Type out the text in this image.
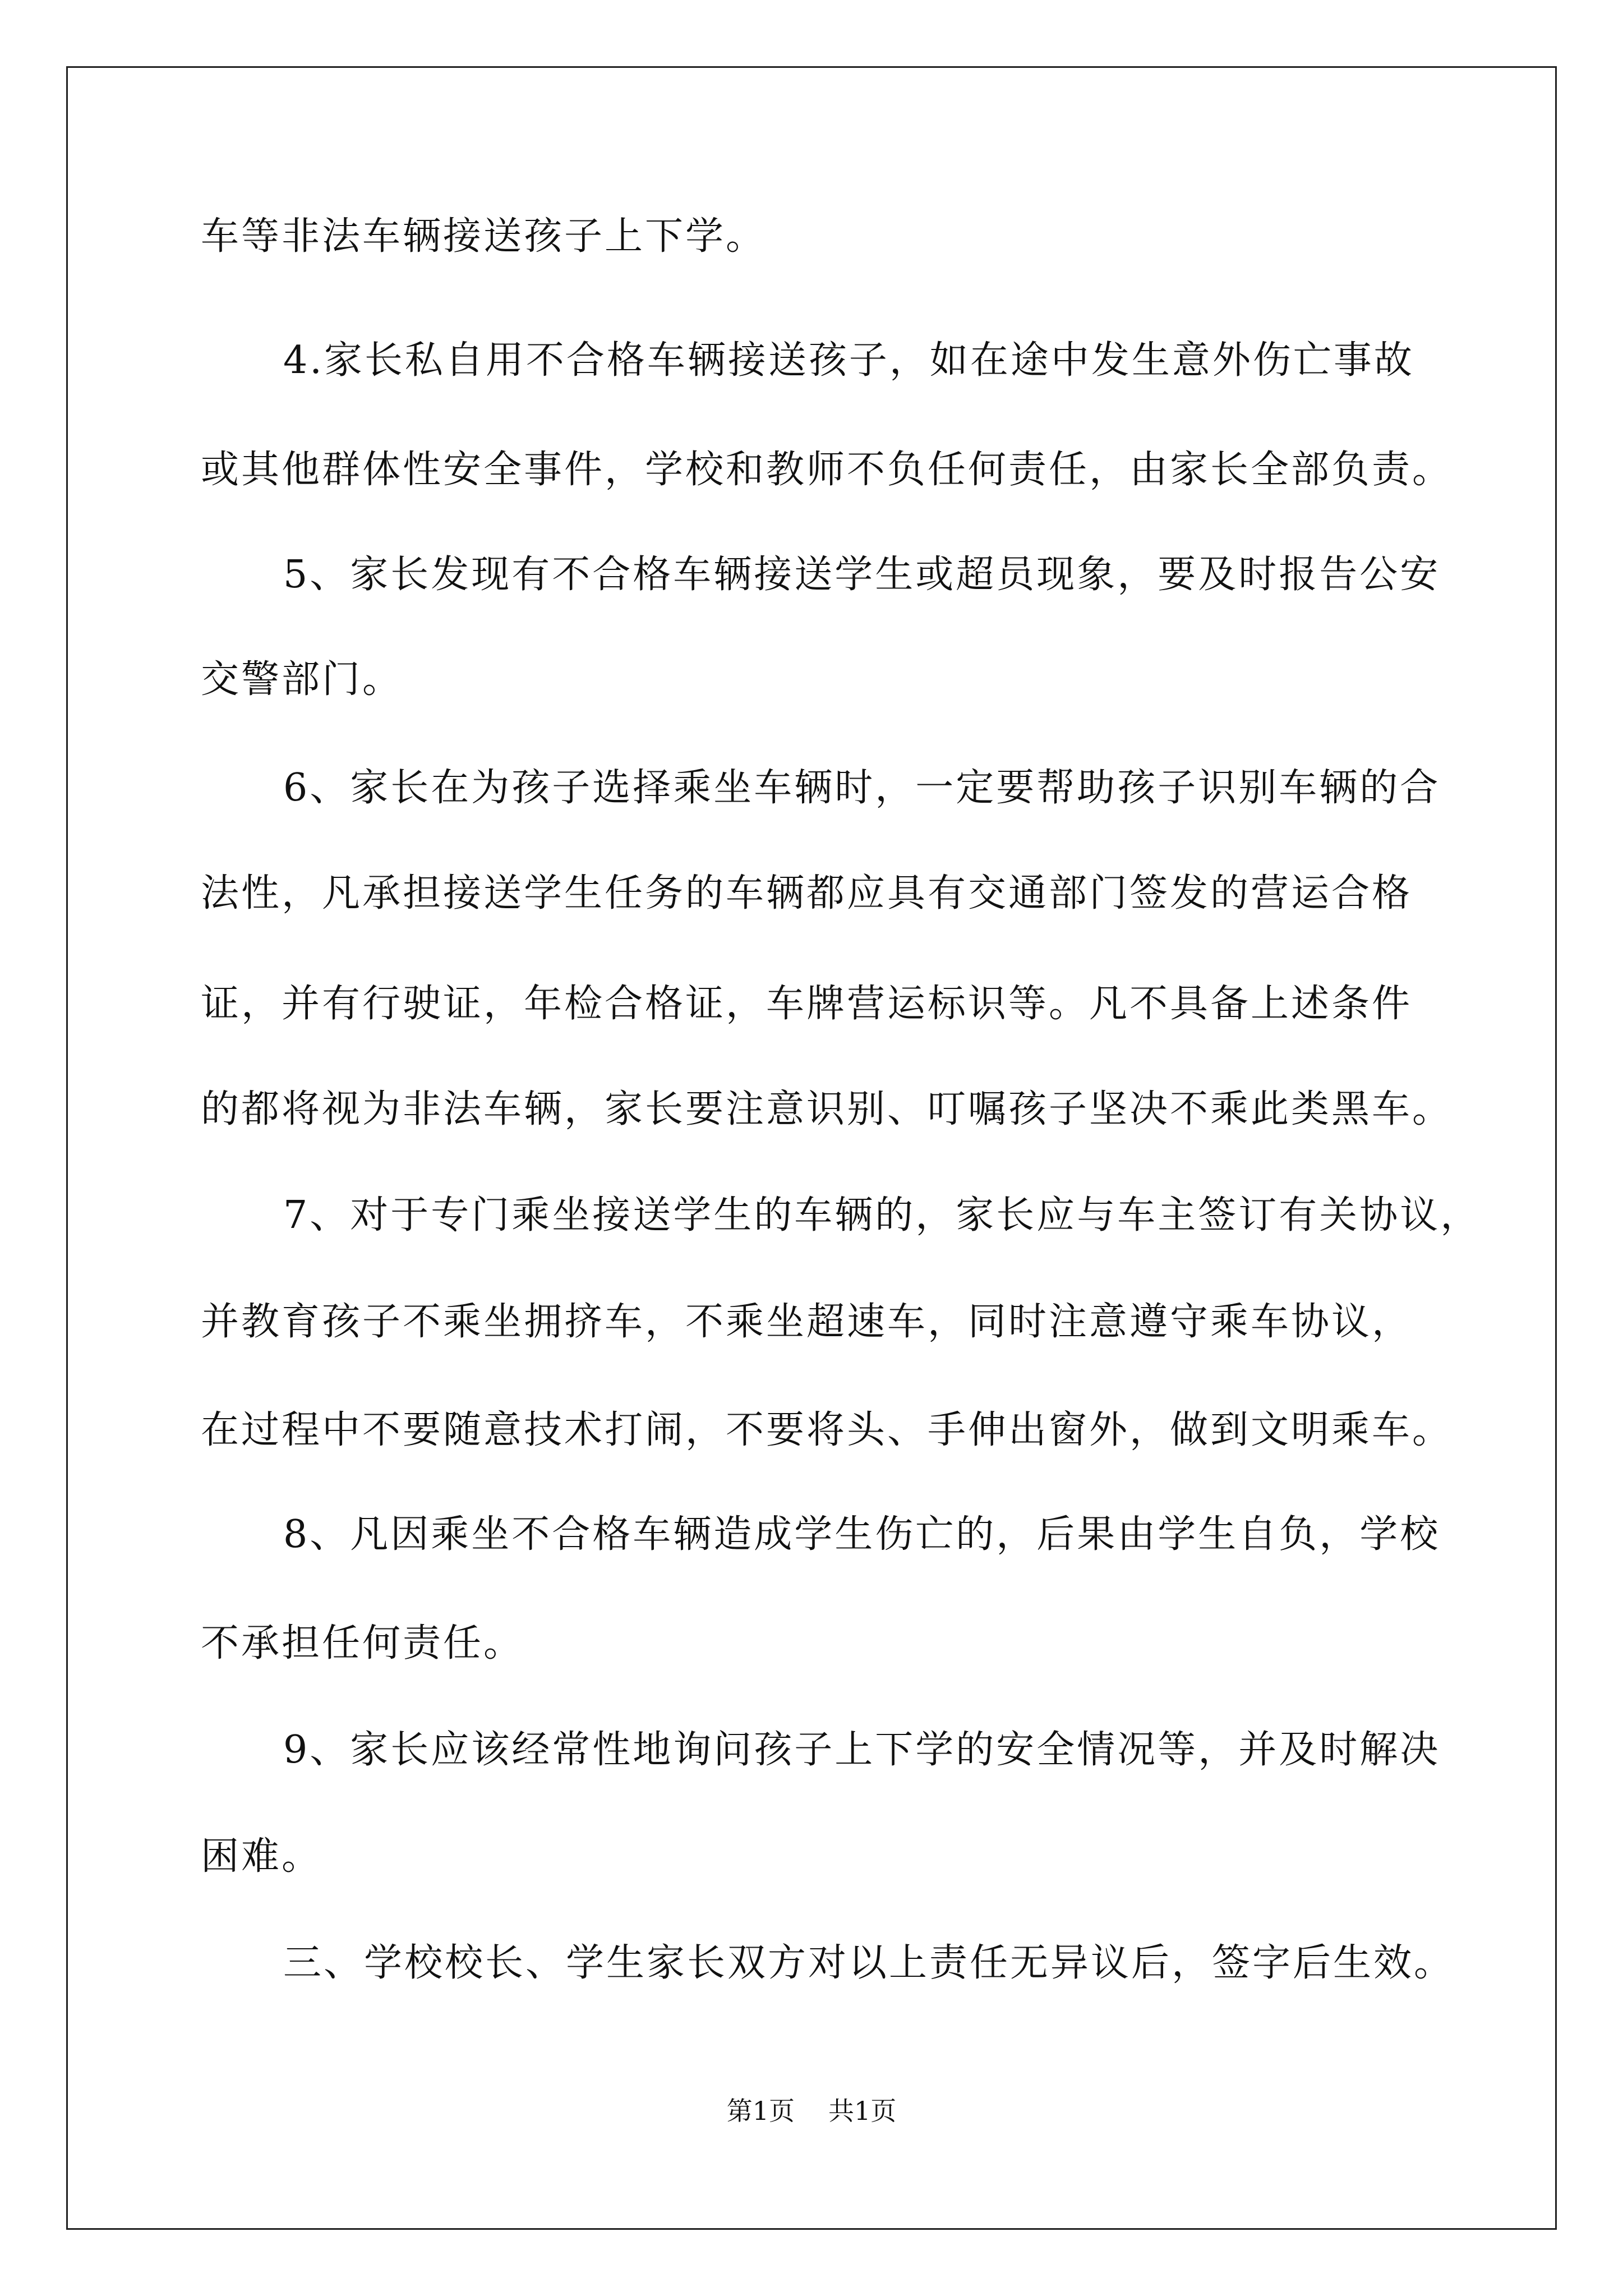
车等非法车辆接送孩子上下学。
4.家长私自用不合格车辆接送孩子，如在途中发生意外伤亡事故
或其他群体性安全事件，学校和教师不负任何责任，由家长全部负责。
5、家长发现有不合格车辆接送学生或超员现象，要及时报告公安
交警部门。
6、家长在为孩子选择乘坐车辆时，一定要帮助孩子识别车辆的合
法性，凡承担接送学生任务的车辆都应具有交通部门签发的营运合格
证，并有行驶证，年检合格证，车牌营运标识等。凡不具备上述条件
的都将视为非法车辆，家长要注意识别、叮嘱孩子坚决不乘此类黑车。
7、对于专门乘坐接送学生的车辆的，家长应与车主签订有关协议，
并教育孩子不乘坐拥挤车，不乘坐超速车，同时注意遵守乘车协议，
在过程中不要随意技术打闹，不要将头、手伸出窗外，做到文明乘车。
8、凡因乘坐不合格车辆造成学生伤亡的，后果由学生自负，学校
不承担任何责任。
9、家长应该经常性地询问孩子上下学的安全情况等，并及时解决
困难。
三、学校校长、学生家长双方对以上责任无异议后，签字后生效。
第1页 共1页
